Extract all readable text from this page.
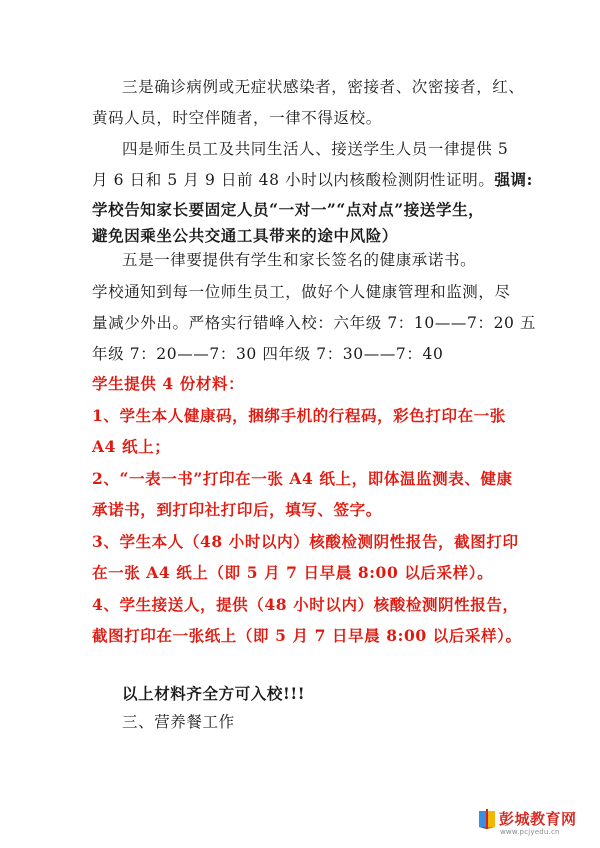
三是确诊病例或无症状感染者，密接者、次密接者，红、
黄码人员，时空伴随者，一律不得返校。
四是师生员工及共同生活人、接送学生人员一律提供 5
月 6 日和 5 月 9 日前 48 小时以内核酸检测阴性证明。强调:
学校告知家长要固定人员“一对一”“点对点”接送学生，
避免因乘坐公共交通工具带来的途中风险）
五是一律要提供有学生和家长签名的健康承诺书。
学校通知到每一位师生员工，做好个人健康管理和监测，尽
量减少外出。严格实行错峰入校：六年级 7：10——7：20 五
年级 7：20——7：30 四年级 7：30——7：40
学生提供 4 份材料：
1、学生本人健康码，捆绑手机的行程码，彩色打印在一张
A4 纸上；
2、“一表一书”打印在一张 A4 纸上，即体温监测表、健康
承诺书，到打印社打印后，填写、签字。
3、学生本人（48 小时以内）核酸检测阴性报告，截图打印
在一张 A4 纸上（即 5 月 7 日早晨 8:00 以后采样）。
4、学生接送人，提供（48 小时以内）核酸检测阴性报告，
截图打印在一张纸上（即 5 月 7 日早晨 8:00 以后采样）。
以上材料齐全方可入校!!!
三、营养餐工作
彭城教育网
www.pcjyedu.cn
